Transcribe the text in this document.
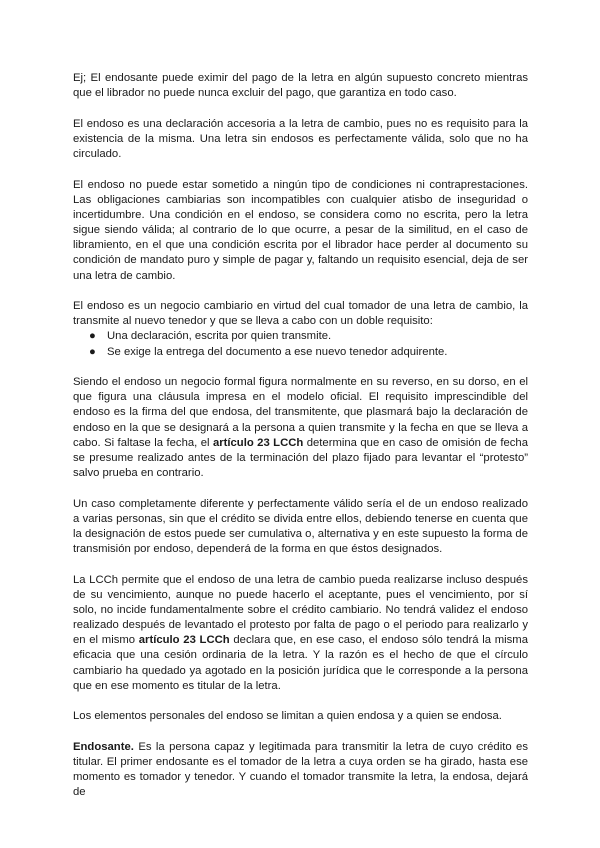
Ej; El endosante puede eximir del pago de la letra en algún supuesto concreto mientras que el librador no puede nunca excluir del pago, que garantiza en todo caso.

El endoso es una declaración accesoria a la letra de cambio, pues no es requisito para la existencia de la misma. Una letra sin endosos es perfectamente válida, solo que no ha circulado.

El endoso no puede estar sometido a ningún tipo de condiciones ni contraprestaciones. Las obligaciones cambiarias son incompatibles con cualquier atisbo de inseguridad o incertidumbre. Una condición en el endoso, se considera como no escrita, pero la letra sigue siendo válida; al contrario de lo que ocurre, a pesar de la similitud, en el caso de libramiento, en el que una condición escrita por el librador hace perder al documento su condición de mandato puro y simple de pagar y, faltando un requisito esencial, deja de ser una letra de cambio.

El endoso es un negocio cambiario en virtud del cual tomador de una letra de cambio, la transmite al nuevo tenedor y que se lleva a cabo con un doble requisito:

● Una declaración, escrita por quien transmite.
● Se exige la entrega del documento a ese nuevo tenedor adquirente.

Siendo el endoso un negocio formal figura normalmente en su reverso, en su dorso, en el que figura una cláusula impresa en el modelo oficial. El requisito imprescindible del endoso es la firma del que endosa, del transmitente, que plasmará bajo la declaración de endoso en la que se designará a la persona a quien transmite y la fecha en que se lleva a cabo. Si faltase la fecha, el artículo 23 LCCh determina que en caso de omisión de fecha se presume realizado antes de la terminación del plazo fijado para levantar el “protesto” salvo prueba en contrario.

Un caso completamente diferente y perfectamente válido sería el de un endoso realizado a varias personas, sin que el crédito se divida entre ellos, debiendo tenerse en cuenta que la designación de estos puede ser cumulativa o, alternativa y en este supuesto la forma de transmisión por endoso, dependerá de la forma en que éstos designados.

La LCCh permite que el endoso de una letra de cambio pueda realizarse incluso después de su vencimiento, aunque no puede hacerlo el aceptante, pues el vencimiento, por sí solo, no incide fundamentalmente sobre el crédito cambiario. No tendrá validez el endoso realizado después de levantado el protesto por falta de pago o el periodo para realizarlo y en el mismo artículo 23 LCCh declara que, en ese caso, el endoso sólo tendrá la misma eficacia que una cesión ordinaria de la letra. Y la razón es el hecho de que el círculo cambiario ha quedado ya agotado en la posición jurídica que le corresponde a la persona que en ese momento es titular de la letra.

Los elementos personales del endoso se limitan a quien endosa y a quien se endosa.

Endosante. Es la persona capaz y legitimada para transmitir la letra de cuyo crédito es titular. El primer endosante es el tomador de la letra a cuya orden se ha girado, hasta ese momento es tomador y tenedor. Y cuando el tomador transmite la letra, la endosa, dejará de
